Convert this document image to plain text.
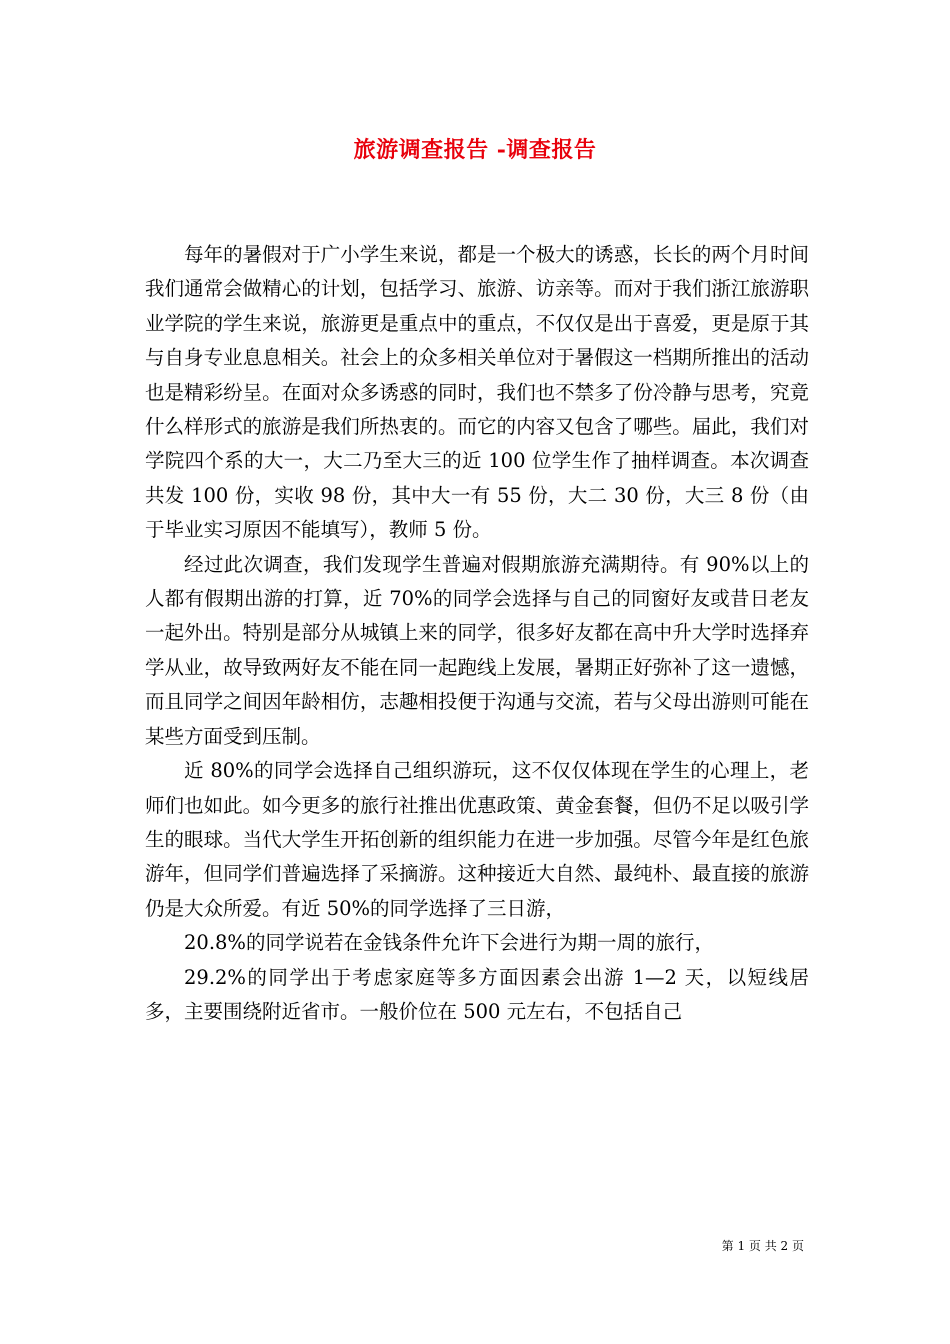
旅游调查报告 -调查报告

每年的暑假对于广小学生来说，都是一个极大的诱惑，长长的两个月时间我们通常会做精心的计划，包括学习、旅游、访亲等。而对于我们浙江旅游职业学院的学生来说，旅游更是重点中的重点，不仅仅是出于喜爱，更是原于其与自身专业息息相关。社会上的众多相关单位对于暑假这一档期所推出的活动也是精彩纷呈。在面对众多诱惑的同时，我们也不禁多了份冷静与思考，究竟什么样形式的旅游是我们所热衷的。而它的内容又包含了哪些。届此，我们对学院四个系的大一，大二乃至大三的近 100 位学生作了抽样调查。本次调查共发 100 份，实收 98 份，其中大一有 55 份，大二 30 份，大三 8 份（由于毕业实习原因不能填写），教师 5 份。

经过此次调查，我们发现学生普遍对假期旅游充满期待。有 90%以上的人都有假期出游的打算，近 70%的同学会选择与自己的同窗好友或昔日老友一起外出。特别是部分从城镇上来的同学，很多好友都在高中升大学时选择弃学从业，故导致两好友不能在同一起跑线上发展，暑期正好弥补了这一遗憾，而且同学之间因年龄相仿，志趣相投便于沟通与交流，若与父母出游则可能在某些方面受到压制。

近 80%的同学会选择自己组织游玩，这不仅仅体现在学生的心理上，老师们也如此。如今更多的旅行社推出优惠政策、黄金套餐，但仍不足以吸引学生的眼球。当代大学生开拓创新的组织能力在进一步加强。尽管今年是红色旅游年，但同学们普遍选择了采摘游。这种接近大自然、最纯朴、最直接的旅游仍是大众所爱。有近 50%的同学选择了三日游，

20.8%的同学说若在金钱条件允许下会进行为期一周的旅行，

29.2%的同学出于考虑家庭等多方面因素会出游 1—2 天，以短线居多，主要围绕附近省市。一般价位在 500 元左右，不包括自己

第 1 页 共 2 页
